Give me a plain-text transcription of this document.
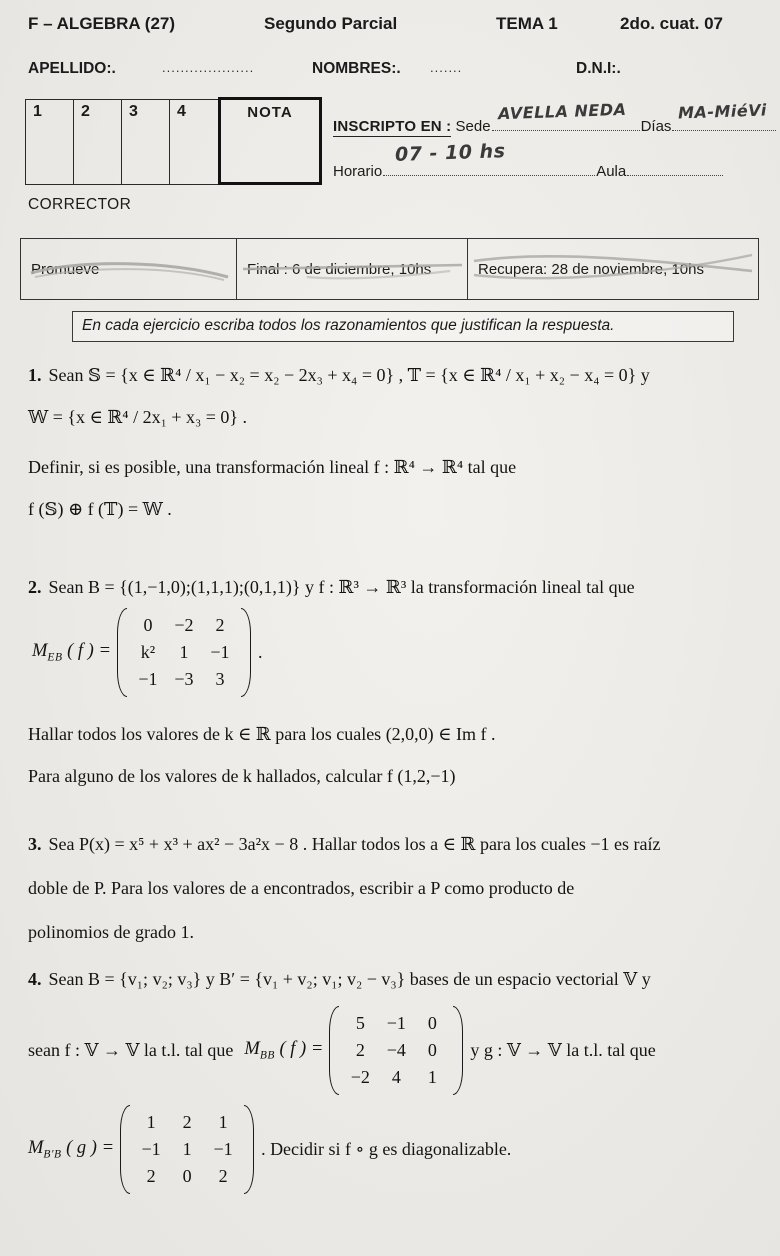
F – ALGEBRA (27)	Segundo Parcial	TEMA 1	2do. cuat. 07
APELLIDO:.	....................	NOMBRES:. .......	D.N.I:.
1	2	3	4	NOTA
INSCRIPTO EN : Sede
AVELLA NEDA
Días
MA-MiéVi
Horario
07 - 10 hs
Aula
CORRECTOR
Promueve	Final : 6 de diciembre, 10hs	Recupera: 28 de noviembre, 10hs
En cada ejercicio escriba todos los razonamientos que justifican la respuesta.
1. Sean 𝕊 = {x ∈ ℝ⁴ / x₁ − x₂ = x₂ − 2x₃ + x₄ = 0} , 𝕋 = {x ∈ ℝ⁴ / x₁ + x₂ − x₄ = 0} y
𝕎 = {x ∈ ℝ⁴ / 2x₁ + x₃ = 0} .
Definir, si es posible, una transformación lineal f : ℝ⁴ → ℝ⁴ tal que
f (𝕊) ⊕ f (𝕋) = 𝕎 .
2. Sean B = {(1,−1,0);(1,1,1);(0,1,1)} y f : ℝ³ → ℝ³ la transformación lineal tal que
$M_{EB}$ ( f ) =
0	−2	2
k²	1	−1
−1 −3	3
.
Hallar todos los valores de k ∈ ℝ para los cuales (2,0,0) ∈ Im f .
Para alguno de los valores de k hallados, calcular f (1,2,−1)
3. Sea P(x) = x⁵ + x³ + ax² − 3a²x − 8 . Hallar todos los a ∈ ℝ para los cuales −1 es raíz
doble de P. Para los valores de a encontrados, escribir a P como producto de
polinomios de grado 1.
4. Sean B = {v₁; v₂; v₃} y B′ = {v₁ + v₂; v₁; v₂ − v₃} bases de un espacio vectorial 𝕍 y
sean f : 𝕍 → 𝕍 la t.l. tal que $M_{BB}$ ( f ) =
5	−1	0
2	−4	0
−2	4	1
y g : 𝕍 → 𝕍 la t.l. tal que
$M_{B'B}$ ( g ) =
1	2	1
−1	1	−1
2	0	2
. Decidir si f ∘ g es diagonalizable.
